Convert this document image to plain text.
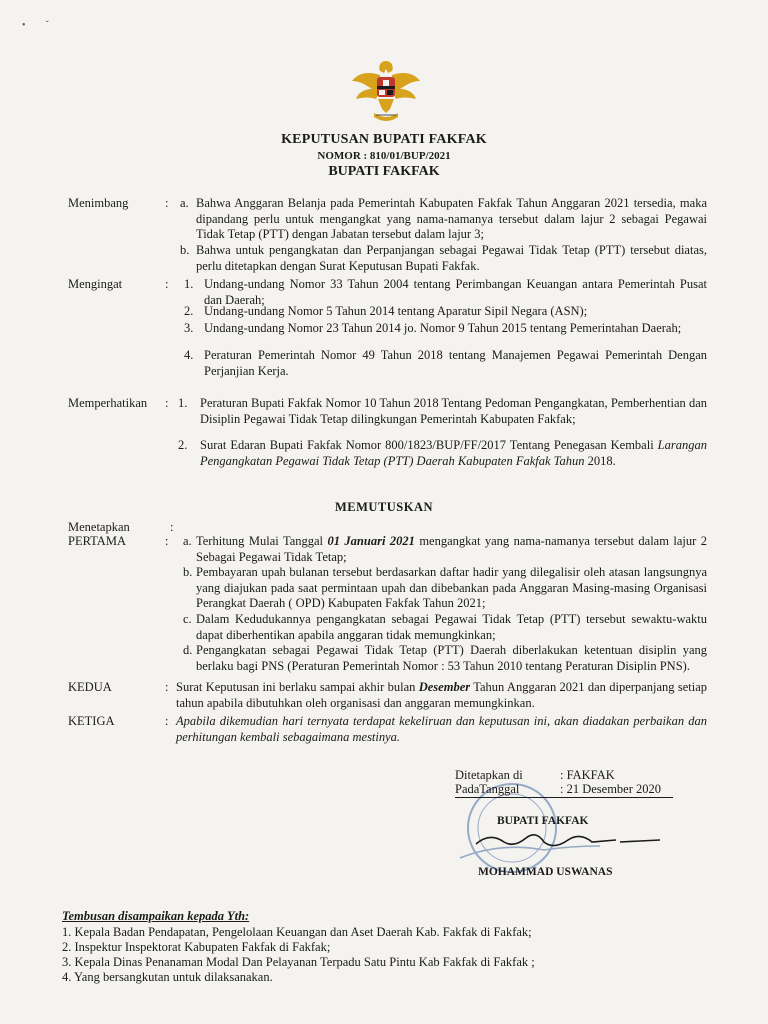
•        ˇ
KEPUTUSAN BUPATI FAKFAK
NOMOR : 810/01/BUP/2021
BUPATI FAKFAK
Menimbang	: a. Bahwa Anggaran Belanja pada Pemerintah Kabupaten Fakfak Tahun Anggaran 2021 tersedia, maka dipandang perlu untuk mengangkat yang nama-namanya tersebut dalam lajur 2 sebagai Pegawai Tidak Tetap (PTT) dengan Jabatan tersebut dalam lajur 3;
b. Bahwa untuk pengangkatan dan Perpanjangan sebagai Pegawai Tidak Tetap (PTT) tersebut diatas, perlu ditetapkan dengan Surat Keputusan Bupati Fakfak.
Mengingat	: 1. Undang-undang Nomor 33 Tahun 2004 tentang Perimbangan Keuangan antara Pemerintah Pusat dan Daerah;
2. Undang-undang Nomor 5 Tahun 2014 tentang Aparatur Sipil Negara (ASN);
3. Undang-undang Nomor 23 Tahun 2014 jo. Nomor 9 Tahun 2015 tentang Pemerintahan Daerah;
4. Peraturan Pemerintah Nomor 49 Tahun 2018 tentang Manajemen Pegawai Pemerintah Dengan Perjanjian Kerja.
Memperhatikan : 1. Peraturan Bupati Fakfak Nomor 10 Tahun 2018 Tentang Pedoman Pengangkatan, Pemberhentian dan Disiplin Pegawai Tidak Tetap dilingkungan Pemerintah Kabupaten Fakfak;
2. Surat Edaran Bupati Fakfak Nomor 800/1823/BUP/FF/2017 Tentang Penegasan Kembali Larangan Pengangkatan Pegawai Tidak Tetap (PTT) Daerah Kabupaten Fakfak Tahun 2018.
MEMUTUSKAN
Menetapkan	:
PERTAMA	: a. Terhitung Mulai Tanggal 01 Januari 2021 mengangkat yang nama-namanya tersebut dalam lajur 2 Sebagai Pegawai Tidak Tetap;
b. Pembayaran upah bulanan tersebut berdasarkan daftar hadir yang dilegalisir oleh atasan langsungnya yang diajukan pada saat permintaan upah dan dibebankan pada Anggaran Masing-masing Organisasi Perangkat Daerah ( OPD) Kabupaten Fakfak Tahun 2021;
c. Dalam Kedudukannya pengangkatan sebagai Pegawai Tidak Tetap (PTT) tersebut sewaktu-waktu dapat diberhentikan apabila anggaran tidak memungkinkan;
d. Pengangkatan sebagai Pegawai Tidak Tetap (PTT) Daerah diberlakukan ketentuan disiplin yang berlaku bagi PNS (Peraturan Pemerintah Nomor : 53 Tahun 2010 tentang Peraturan Disiplin PNS).
KEDUA	: Surat Keputusan ini berlaku sampai akhir bulan Desember Tahun Anggaran 2021 dan diperpanjang setiap tahun apabila dibutuhkan oleh organisasi dan anggaran memungkinkan.
KETIGA	: Apabila dikemudian hari ternyata terdapat kekeliruan dan keputusan ini, akan diadakan perbaikan dan perhitungan kembali sebagaimana mestinya.
Ditetapkan di	: FAKFAK
PadaTanggal	: 21 Desember 2020
BUPATI FAKFAK
MOHAMMAD USWANAS
Tembusan disampaikan kepada Yth:
1. Kepala Badan Pendapatan, Pengelolaan Keuangan dan Aset Daerah Kab. Fakfak di Fakfak;
2. Inspektur Inspektorat Kabupaten Fakfak di Fakfak;
3. Kepala Dinas Penanaman Modal Dan Pelayanan Terpadu Satu Pintu Kab Fakfak di Fakfak ;
4. Yang bersangkutan untuk dilaksanakan.
